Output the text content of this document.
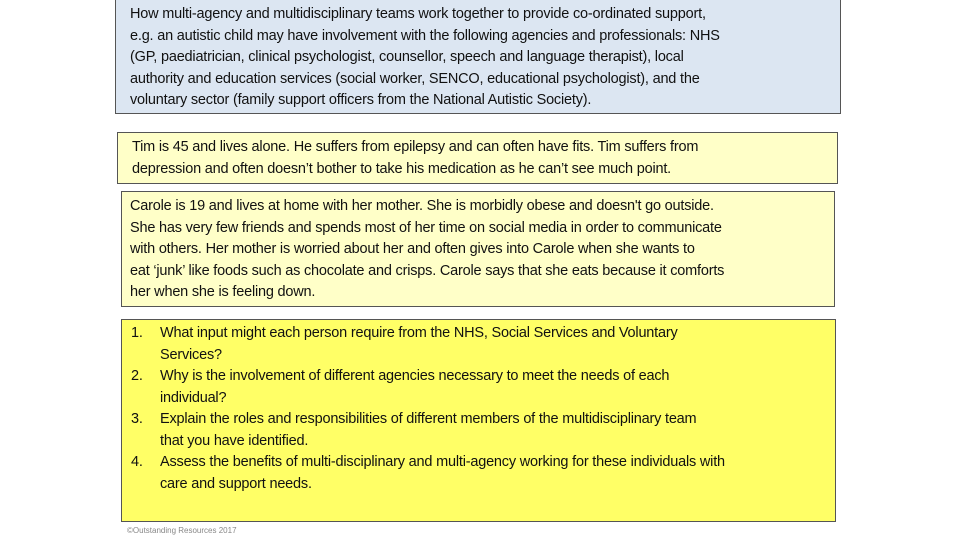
How multi-agency and multidisciplinary teams work together to provide co-ordinated support,
e.g. an autistic child may have involvement with the following agencies and professionals: NHS
(GP, paediatrician, clinical psychologist, counsellor, speech and language therapist), local
authority and education services (social worker, SENCO, educational psychologist), and the
voluntary sector (family support officers from the National Autistic Society).
Tim is 45 and lives alone. He suffers from epilepsy and can often have fits. Tim suffers from
depression and often doesn’t bother to take his medication as he can’t see much point.
Carole is 19 and lives at home with her mother. She is morbidly obese and doesn't go outside.
She has very few friends and spends most of her time on social media in order to communicate
with others. Her mother is worried about her and often gives into Carole when she wants to
eat ‘junk’ like foods such as chocolate and crisps. Carole says that she eats because it comforts
her when she is feeling down.
1.	What input might each person require from the NHS, Social Services and Voluntary
Services?
2.	Why is the involvement of different agencies necessary to meet the needs of each
individual?
3.	Explain the roles and responsibilities of different members of the multidisciplinary team
that you have identified.
4.	Assess the benefits of multi-disciplinary and multi-agency working for these individuals with
care and support needs.
©Outstanding Resources 2017
